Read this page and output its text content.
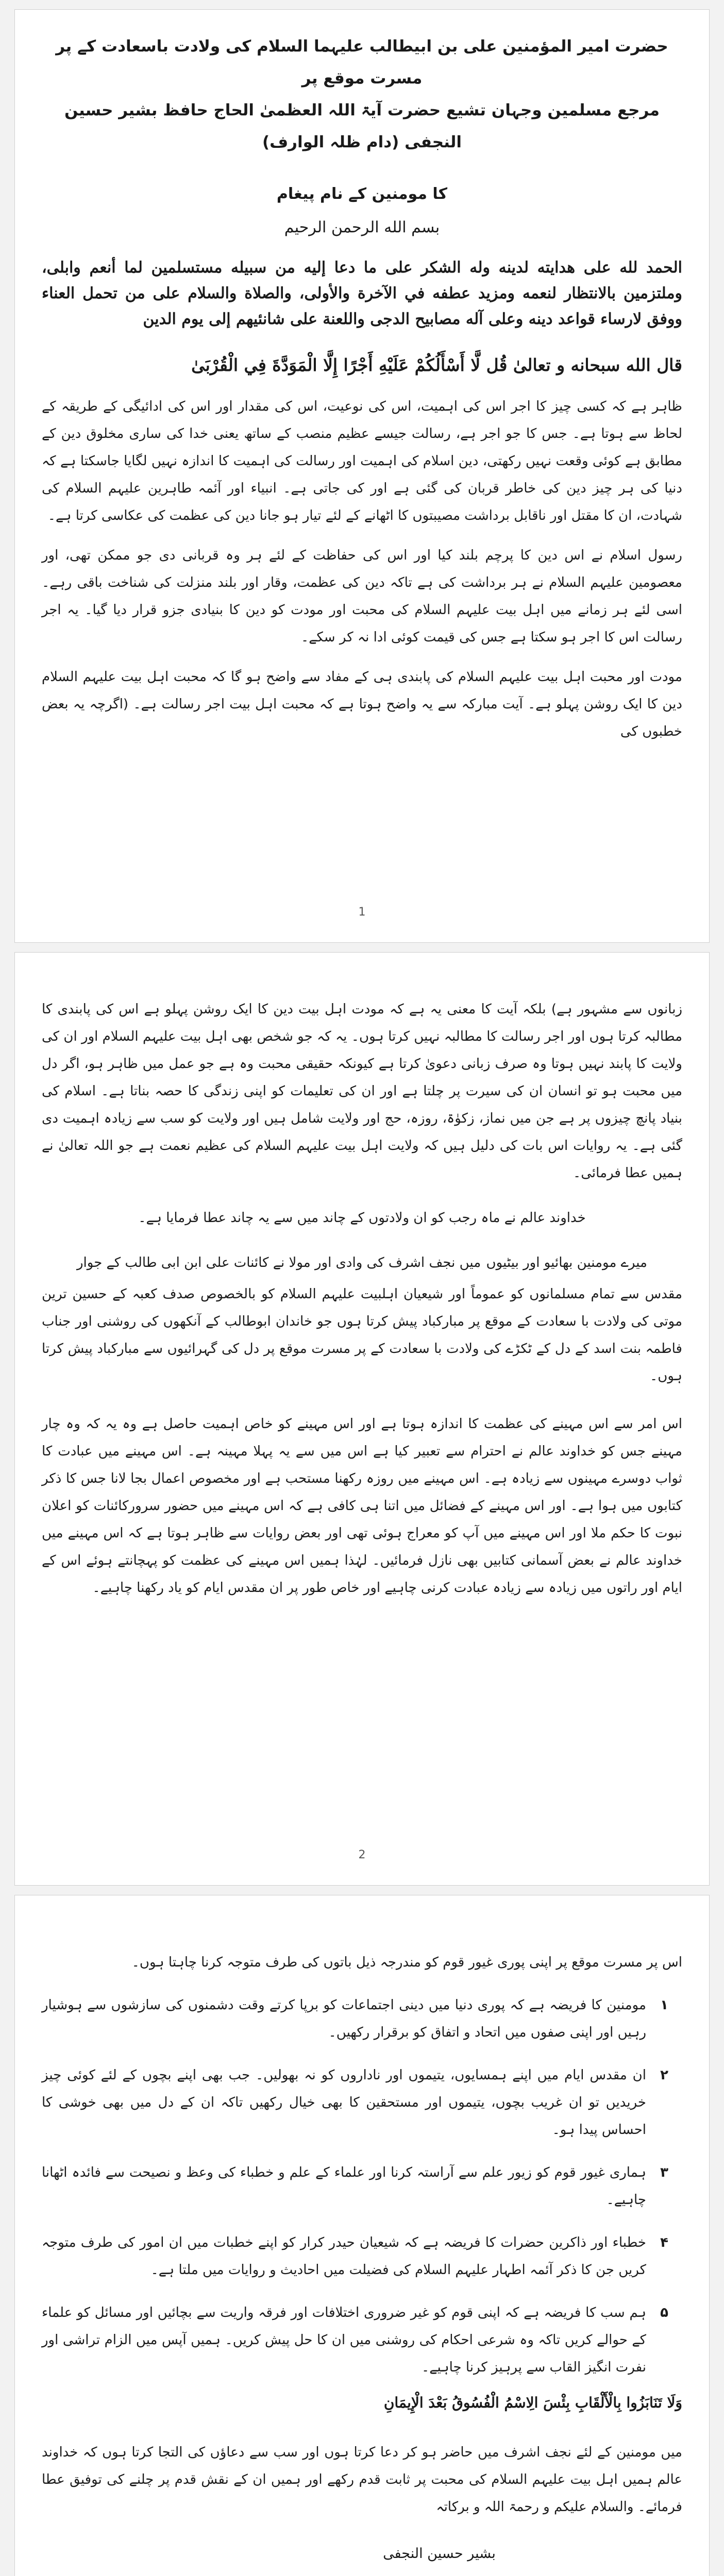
حضرت امیر المؤمنین علی بن ابیطالب علیہما السلام کی ولادت باسعادت کے پر مسرت موقع پر
مرجع مسلمین وجہان تشیع حضرت آیۃ اللہ العظمیٰ الحاج حافظ بشیر حسین النجفی (دام ظلہ الوارف)
کا مومنین کے نام پیغام
بسم الله الرحمن الرحيم
الحمد لله على هدايته لدينه وله الشكر على ما دعا إليه من سبيله مستسلمين لما أنعم وابلى، وملتزمين بالانتظار لنعمه ومزيد عطفه في الآخرة والأولى، والصلاة والسلام على من تحمل العناء ووفق لارساء قواعد دينه وعلى آله مصابيح الدجى واللعنة على شانئيهم إلى يوم الدين
قال الله سبحانه و تعالیٰ قُل لَّا أَسْأَلُكُمْ عَلَيْهِ أَجْرًا إِلَّا الْمَوَدَّةَ فِي الْقُرْبَىٰ
ظاہر ہے کہ کسی چیز کا اجر اس کی اہمیت، اس کی نوعیت، اس کی مقدار اور اس کی ادائیگی کے طریقہ کے لحاظ سے ہوتا ہے۔ جس کا جو اجر ہے، رسالت جیسے عظیم منصب کے ساتھ یعنی خدا کی ساری مخلوق دین کے مطابق ہے کوئی وقعت نہیں رکھتی، دین اسلام کی اہمیت اور رسالت کی اہمیت کا اندازہ نہیں لگایا جاسکتا ہے کہ دنیا کی ہر چیز دین کی خاطر قربان کی گئی ہے اور کی جاتی ہے۔ انبیاء اور آئمہ طاہرین علیہم السلام کی شہادت، ان کا مقتل اور ناقابل برداشت مصیبتوں کا اٹھانے کے لئے تیار ہو جانا دین کی عظمت کی عکاسی کرتا ہے۔
رسول اسلام نے اس دین کا پرچم بلند کیا اور اس کی حفاظت کے لئے ہر وہ قربانی دی جو ممکن تھی، اور معصومین علیہم السلام نے ہر برداشت کی ہے تاکہ دین کی عظمت، وقار اور بلند منزلت کی شناخت باقی رہے۔ اسی لئے ہر زمانے میں اہل بیت علیہم السلام کی محبت اور مودت کو دین کا بنیادی جزو قرار دیا گیا۔ یہ اجر رسالت اس کا اجر ہو سکتا ہے جس کی قیمت کوئی ادا نہ کر سکے۔
مودت اور محبت اہل بیت علیہم السلام کی پابندی ہی کے مفاد سے واضح ہو گا کہ محبت اہل بیت علیہم السلام دین کا ایک روشن پہلو ہے۔ آیت مبارکہ سے یہ واضح ہوتا ہے کہ محبت اہل بیت اجر رسالت ہے۔ (اگرچہ یہ بعض خطبوں کی
1
زبانوں سے مشہور ہے) بلکہ آیت کا معنی یہ ہے کہ مودت اہل بیت دین کا ایک روشن پہلو ہے اس کی پابندی کا مطالبہ کرتا ہوں اور اجر رسالت کا مطالبہ نہیں کرتا ہوں۔ یہ کہ جو شخص بھی اہل بیت علیہم السلام اور ان کی ولایت کا پابند نہیں ہوتا وہ صرف زبانی دعویٰ کرتا ہے کیونکہ حقیقی محبت وہ ہے جو عمل میں ظاہر ہو، اگر دل میں محبت ہو تو انسان ان کی سیرت پر چلتا ہے اور ان کی تعلیمات کو اپنی زندگی کا حصہ بناتا ہے۔ اسلام کی بنیاد پانچ چیزوں پر ہے جن میں نماز، زکوٰۃ، روزہ، حج اور ولایت شامل ہیں اور ولایت کو سب سے زیادہ اہمیت دی گئی ہے۔ یہ روایات اس بات کی دلیل ہیں کہ ولایت اہل بیت علیہم السلام کی عظیم نعمت ہے جو اللہ تعالیٰ نے ہمیں عطا فرمائی۔
خداوند عالم نے ماہ رجب کو ان ولادتوں کے چاند میں سے یہ چاند عطا فرمایا ہے۔
میرے مومنین بھائیو اور بیٹیوں
میں نجف اشرف کی وادی اور مولا نے کائنات علی ابن ابی طالب کے جوار
مقدس سے تمام مسلمانوں کو عموماً اور شیعیان اہلبیت علیہم السلام کو بالخصوص صدف کعبہ کے حسین ترین موتی کی ولادت با سعادت کے موقع پر مبارکباد پیش کرتا ہوں جو خاندان ابوطالب کے آنکھوں کی روشنی اور جناب فاطمہ بنت اسد کے دل کے ٹکڑے کی ولادت با سعادت کے پر مسرت موقع پر دل کی گہرائیوں سے مبارکباد پیش کرتا ہوں۔
اس امر سے اس مہینے کی عظمت کا اندازہ ہوتا ہے اور اس مہینے کو خاص اہمیت حاصل ہے وہ یہ کہ وہ چار مہینے جس کو خداوند عالم نے احترام سے تعبیر کیا ہے اس میں سے یہ پہلا مہینہ ہے۔ اس مہینے میں عبادت کا ثواب دوسرے مہینوں سے زیادہ ہے۔ اس مہینے میں روزہ رکھنا مستحب ہے اور مخصوص اعمال بجا لانا جس کا ذکر کتابوں میں ہوا ہے۔ اور اس مہینے کے فضائل میں اتنا ہی کافی ہے کہ اس مہینے میں حضور سرورکائنات کو اعلان نبوت کا حکم ملا اور اس مہینے میں آپ کو معراج ہوئی تھی اور بعض روایات سے ظاہر ہوتا ہے کہ اس مہینے میں خداوند عالم نے بعض آسمانی کتابیں بھی نازل فرمائیں۔ لہٰذا ہمیں اس مہینے کی عظمت کو پہچانتے ہوئے اس کے ایام اور راتوں میں زیادہ سے زیادہ عبادت کرنی چاہیے اور خاص طور پر ان مقدس ایام کو یاد رکھنا چاہیے۔
2
اس پر مسرت موقع پر اپنی پوری غیور قوم کو مندرجہ ذیل باتوں کی طرف متوجہ کرنا چاہتا ہوں۔
۱
مومنین کا فریضہ ہے کہ پوری دنیا میں دینی اجتماعات کو برپا کرتے وقت دشمنوں کی سازشوں سے ہوشیار رہیں اور اپنی صفوں میں اتحاد و اتفاق کو برقرار رکھیں۔
۲
ان مقدس ایام میں اپنے ہمسایوں، یتیموں اور ناداروں کو نہ بھولیں۔ جب بھی اپنے بچوں کے لئے کوئی چیز خریدیں تو ان غریب بچوں، یتیموں اور مستحقین کا بھی خیال رکھیں تاکہ ان کے دل میں بھی خوشی کا احساس پیدا ہو۔
۳
ہماری غیور قوم کو زیور علم سے آراستہ کرنا اور علماء کے علم و خطباء کی وعظ و نصیحت سے فائدہ اٹھانا چاہیے۔
۴
خطباء اور ذاکرین حضرات کا فریضہ ہے کہ شیعیان حیدر کرار کو اپنے خطبات میں ان امور کی طرف متوجہ کریں جن کا ذکر آئمہ اطہار علیہم السلام کی فضیلت میں احادیث و روایات میں ملتا ہے۔
۵
ہم سب کا فریضہ ہے کہ اپنی قوم کو غیر ضروری اختلافات اور فرقہ واریت سے بچائیں اور مسائل کو علماء کے حوالے کریں تاکہ وہ شرعی احکام کی روشنی میں ان کا حل پیش کریں۔ ہمیں آپس میں الزام تراشی اور نفرت انگیز القاب سے پرہیز کرنا چاہیے۔
وَلَا تَنَابَزُوا بِالْأَلْقَابِ بِئْسَ الِاسْمُ الْفُسُوقُ بَعْدَ الْإِيمَانِ
میں مومنین کے لئے نجف اشرف میں حاضر ہو کر دعا کرتا ہوں اور سب سے دعاؤں کی التجا کرتا ہوں کہ خداوند عالم ہمیں اہل بیت علیہم السلام کی محبت پر ثابت قدم رکھے اور ہمیں ان کے نقش قدم پر چلنے کی توفیق عطا فرمائے۔ والسلام علیکم و رحمۃ اللہ و برکاتہ
بشیر حسین النجفی
